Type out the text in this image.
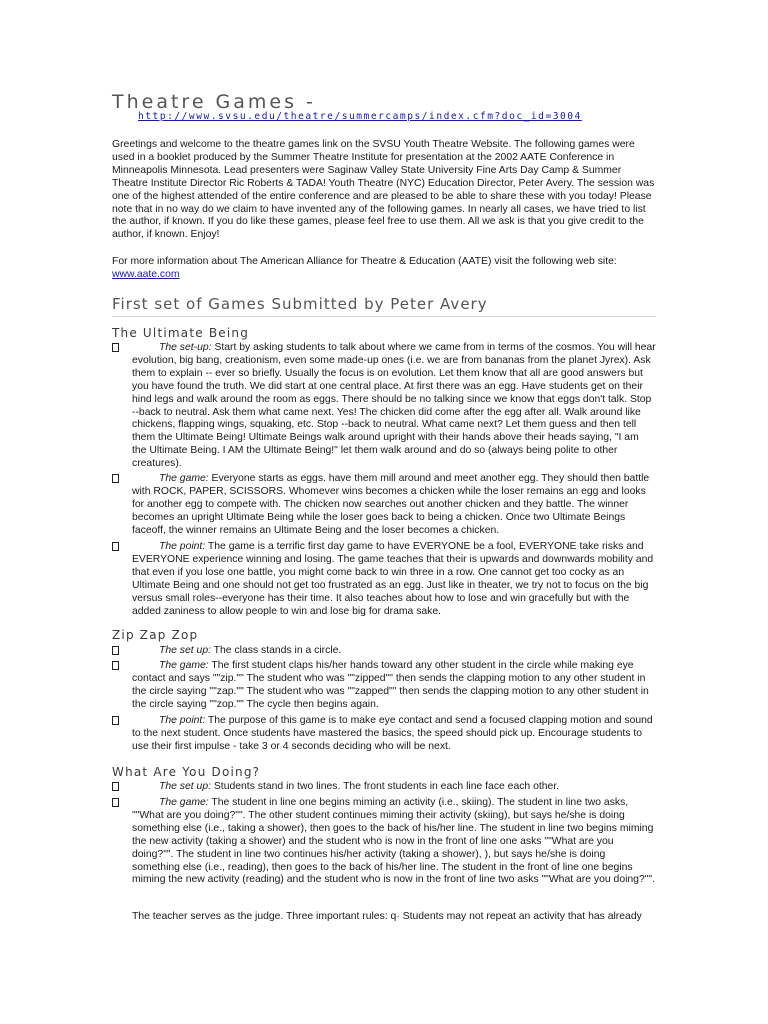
Theatre Games -
http://www.svsu.edu/theatre/summercamps/index.cfm?doc_id=3004
Greetings and welcome to the theatre games link on the SVSU Youth Theatre Website. The following games were used in a booklet produced by the Summer Theatre Institute for presentation at the 2002 AATE Conference in Minneapolis Minnesota. Lead presenters were Saginaw Valley State University Fine Arts Day Camp & Summer Theatre Institute Director Ric Roberts & TADA! Youth Theatre (NYC) Education Director, Peter Avery. The session was one of the highest attended of the entire conference and are pleased to be able to share these with you today! Please note that in no way do we claim to have invented any of the following games. In nearly all cases, we have tried to list the author, if known. If you do like these games, please feel free to use them. All we ask is that you give credit to the author, if known. Enjoy!
For more information about The American Alliance for Theatre & Education (AATE) visit the following web site:
www.aate.com
First set of Games Submitted by Peter Avery
The Ultimate Being
The set-up: Start by asking students to talk about where we came from in terms of the cosmos. You will hear evolution, big bang, creationism, even some made-up ones (i.e. we are from bananas from the planet Jyrex). Ask them to explain -- ever so briefly. Usually the focus is on evolution. Let them know that all are good answers but you have found the truth. We did start at one central place. At first there was an egg. Have students get on their hind legs and walk around the room as eggs. There should be no talking since we know that eggs don't talk. Stop --back to neutral. Ask them what came next. Yes! The chicken did come after the egg after all. Walk around like chickens, flapping wings, squaking, etc. Stop --back to neutral. What came next? Let them guess and then tell them the Ultimate Being! Ultimate Beings walk around upright with their hands above their heads saying, "I am the Ultimate Being. I AM the Ultimate Being!" let them walk around and do so (always being polite to other creatures).
The game: Everyone starts as eggs. have them mill around and meet another egg. They should then battle with ROCK, PAPER, SCISSORS. Whomever wins becomes a chicken while the loser remains an egg and looks for another egg to compete with. The chicken now searches out another chicken and they battle. The winner becomes an upright Ultimate Being while the loser goes back to being a chicken. Once two Ultimate Beings faceoff, the winner remains an Ultimate Being and the loser becomes a chicken.
The point: The game is a terrific first day game to have EVERYONE be a fool, EVERYONE take risks and EVERYONE experience winning and losing. The game teaches that their is upwards and downwards mobility and that even if you lose one battle, you might come back to win three in a row. One cannot get too cocky as an Ultimate Being and one should not get too frustrated as an egg. Just like in theater, we try not to focus on the big versus small roles--everyone has their time. It also teaches about how to lose and win gracefully but with the added zaniness to allow people to win and lose big for drama sake.
Zip Zap Zop
The set up: The class stands in a circle.
The game: The first student claps his/her hands toward any other student in the circle while making eye contact and says ""zip."" The student who was ""zipped"" then sends the clapping motion to any other student in the circle saying ""zap."" The student who was ""zapped"" then sends the clapping motion to any other student in the circle saying ""zop."" The cycle then begins again.
The point: The purpose of this game is to make eye contact and send a focused clapping motion and sound to the next student. Once students have mastered the basics, the speed should pick up. Encourage students to use their first impulse - take 3 or 4 seconds deciding who will be next.
What Are You Doing?
The set up: Students stand in two lines. The front students in each line face each other.
The game: The student in line one begins miming an activity (i.e., skiing). The student in line two asks, ""What are you doing?"". The other student continues miming their activity (skiing), but says he/she is doing something else (i.e., taking a shower), then goes to the back of his/her line. The student in line two begins miming the new activity (taking a shower) and the student who is now in the front of line one asks ""What are you doing?"". The student in line two continues his/her activity (taking a shower), ), but says he/she is doing something else (i.e., reading), then goes to the back of his/her line. The student in the front of line one begins miming the new activity (reading) and the student who is now in the front of line two asks ""What are you doing?"".
The teacher serves as the judge. Three important rules: q· Students may not repeat an activity that has already
